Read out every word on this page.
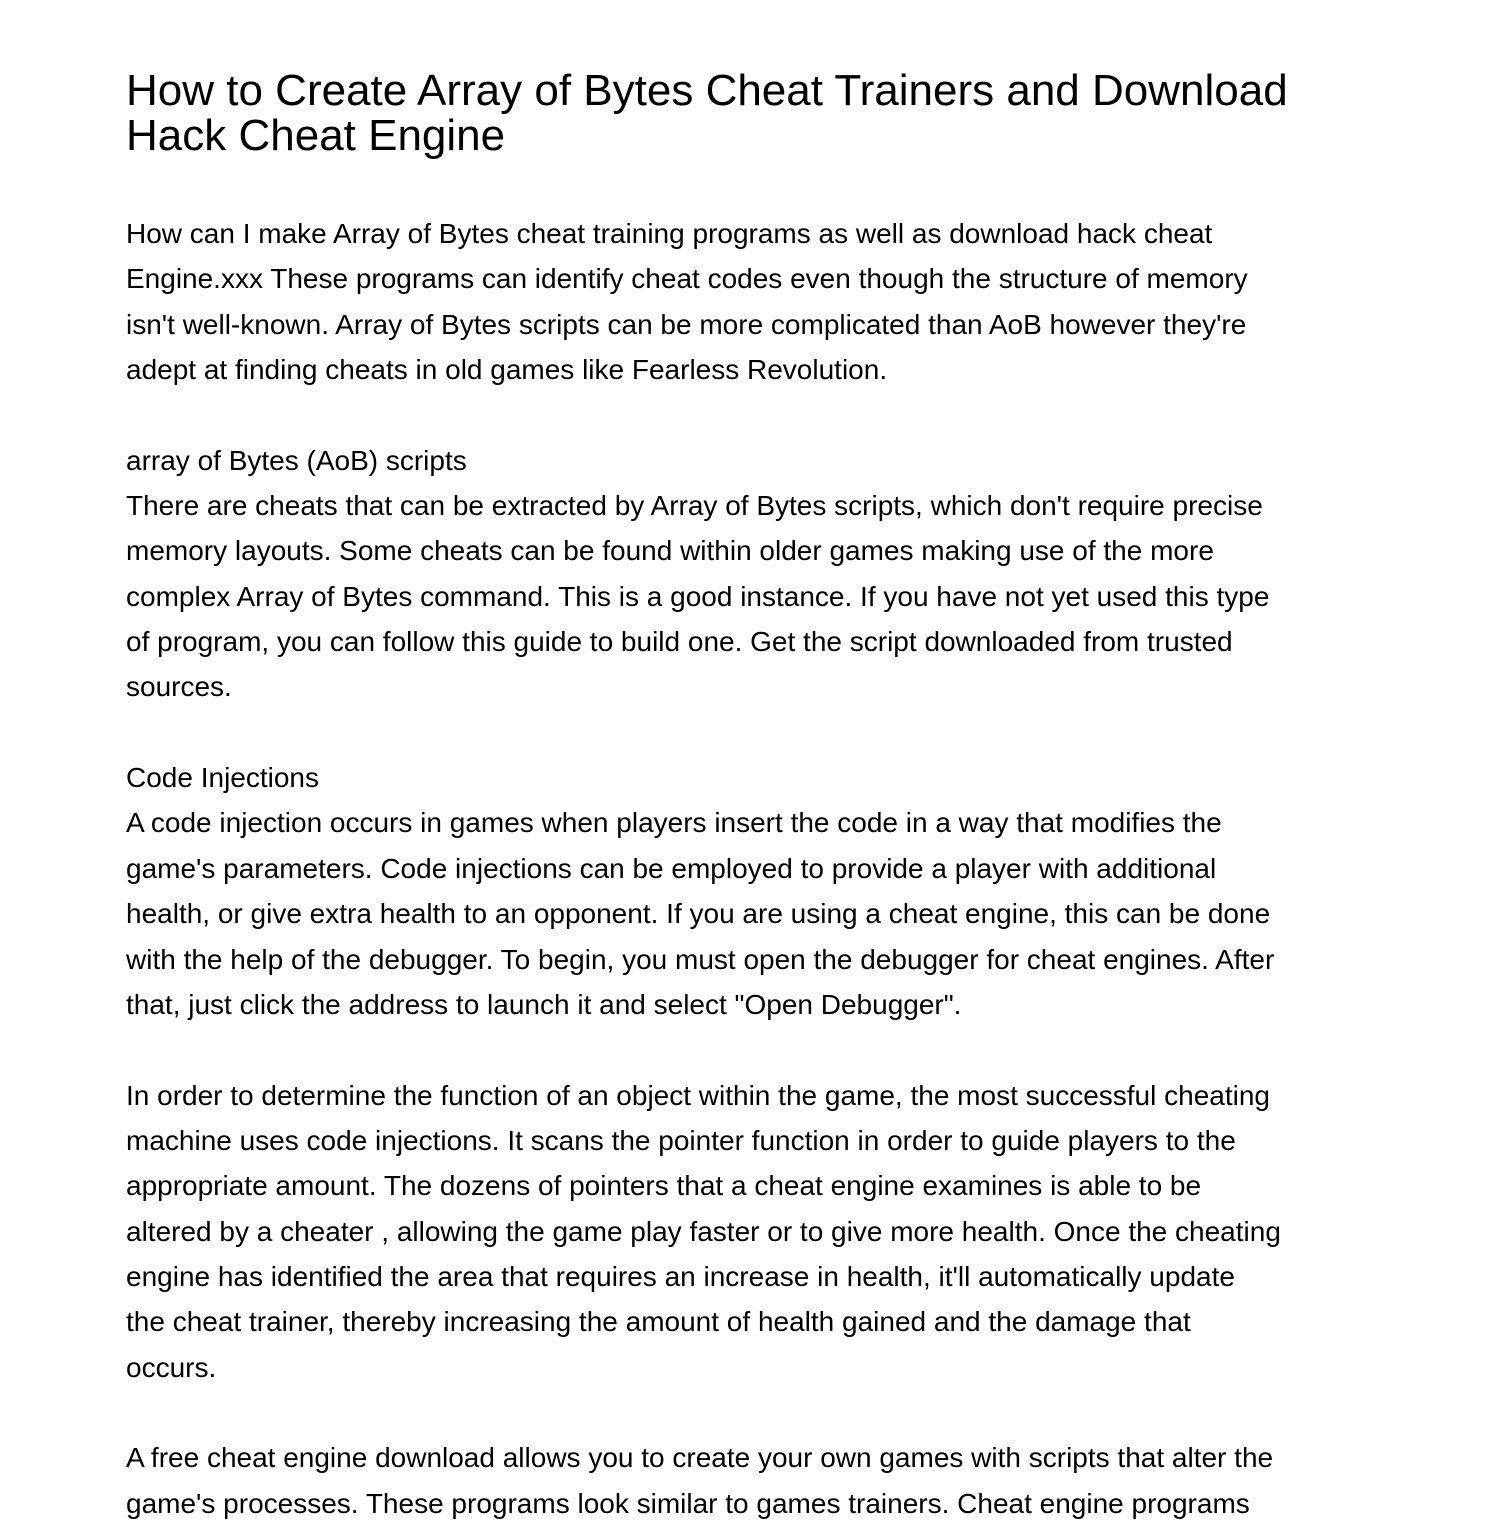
How to Create Array of Bytes Cheat Trainers and Download
Hack Cheat Engine
How can I make Array of Bytes cheat training programs as well as download hack cheat
Engine.xxx These programs can identify cheat codes even though the structure of memory
isn't well-known. Array of Bytes scripts can be more complicated than AoB however they're
adept at finding cheats in old games like Fearless Revolution.
array of Bytes (AoB) scripts
There are cheats that can be extracted by Array of Bytes scripts, which don't require precise
memory layouts. Some cheats can be found within older games making use of the more
complex Array of Bytes command. This is a good instance. If you have not yet used this type
of program, you can follow this guide to build one. Get the script downloaded from trusted
sources.
Code Injections
A code injection occurs in games when players insert the code in a way that modifies the
game's parameters. Code injections can be employed to provide a player with additional
health, or give extra health to an opponent. If you are using a cheat engine, this can be done
with the help of the debugger. To begin, you must open the debugger for cheat engines. After
that, just click the address to launch it and select "Open Debugger".
In order to determine the function of an object within the game, the most successful cheating
machine uses code injections. It scans the pointer function in order to guide players to the
appropriate amount. The dozens of pointers that a cheat engine examines is able to be
altered by a cheater , allowing the game play faster or to give more health. Once the cheating
engine has identified the area that requires an increase in health, it'll automatically update
the cheat trainer, thereby increasing the amount of health gained and the damage that
occurs.
A free cheat engine download allows you to create your own games with scripts that alter the
game's processes. These programs look similar to games trainers. Cheat engine programs
